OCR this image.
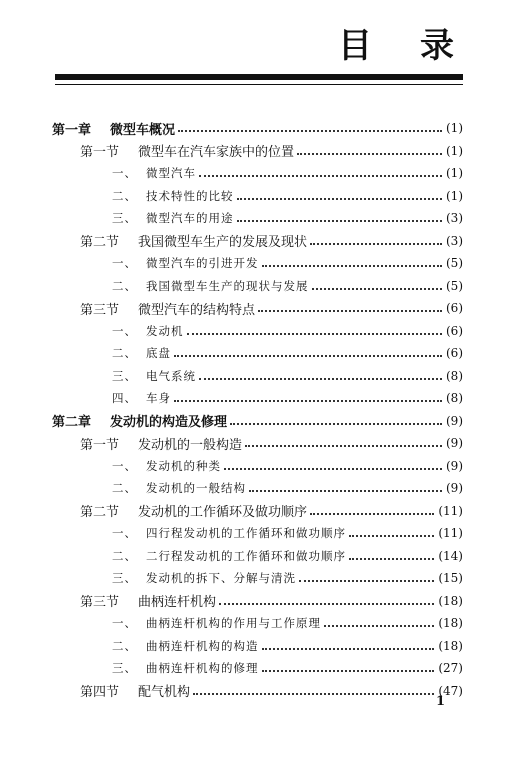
目 录
第一章	微型车概况	(1)
第一节	微型车在汽车家族中的位置	(1)
一、 微型汽车	(1)
二、 技术特性的比较	(1)
三、 微型汽车的用途	(3)
第二节	我国微型车生产的发展及现状	(3)
一、 微型汽车的引进开发	(5)
二、 我国微型车生产的现状与发展	(5)
第三节	微型汽车的结构特点	(6)
一、 发动机	(6)
二、 底盘	(6)
三、 电气系统	(8)
四、 车身	(8)
第二章	发动机的构造及修理	(9)
第一节	发动机的一般构造	(9)
一、 发动机的种类	(9)
二、 发动机的一般结构	(9)
第二节	发动机的工作循环及做功顺序	(11)
一、 四行程发动机的工作循环和做功顺序	(11)
二、 二行程发动机的工作循环和做功顺序	(14)
三、 发动机的拆下、分解与清洗	(15)
第三节	曲柄连杆机构	(18)
一、 曲柄连杆机构的作用与工作原理	(18)
二、 曲柄连杆机构的构造	(18)
三、 曲柄连杆机构的修理	(27)
第四节	配气机构	(47)
1
